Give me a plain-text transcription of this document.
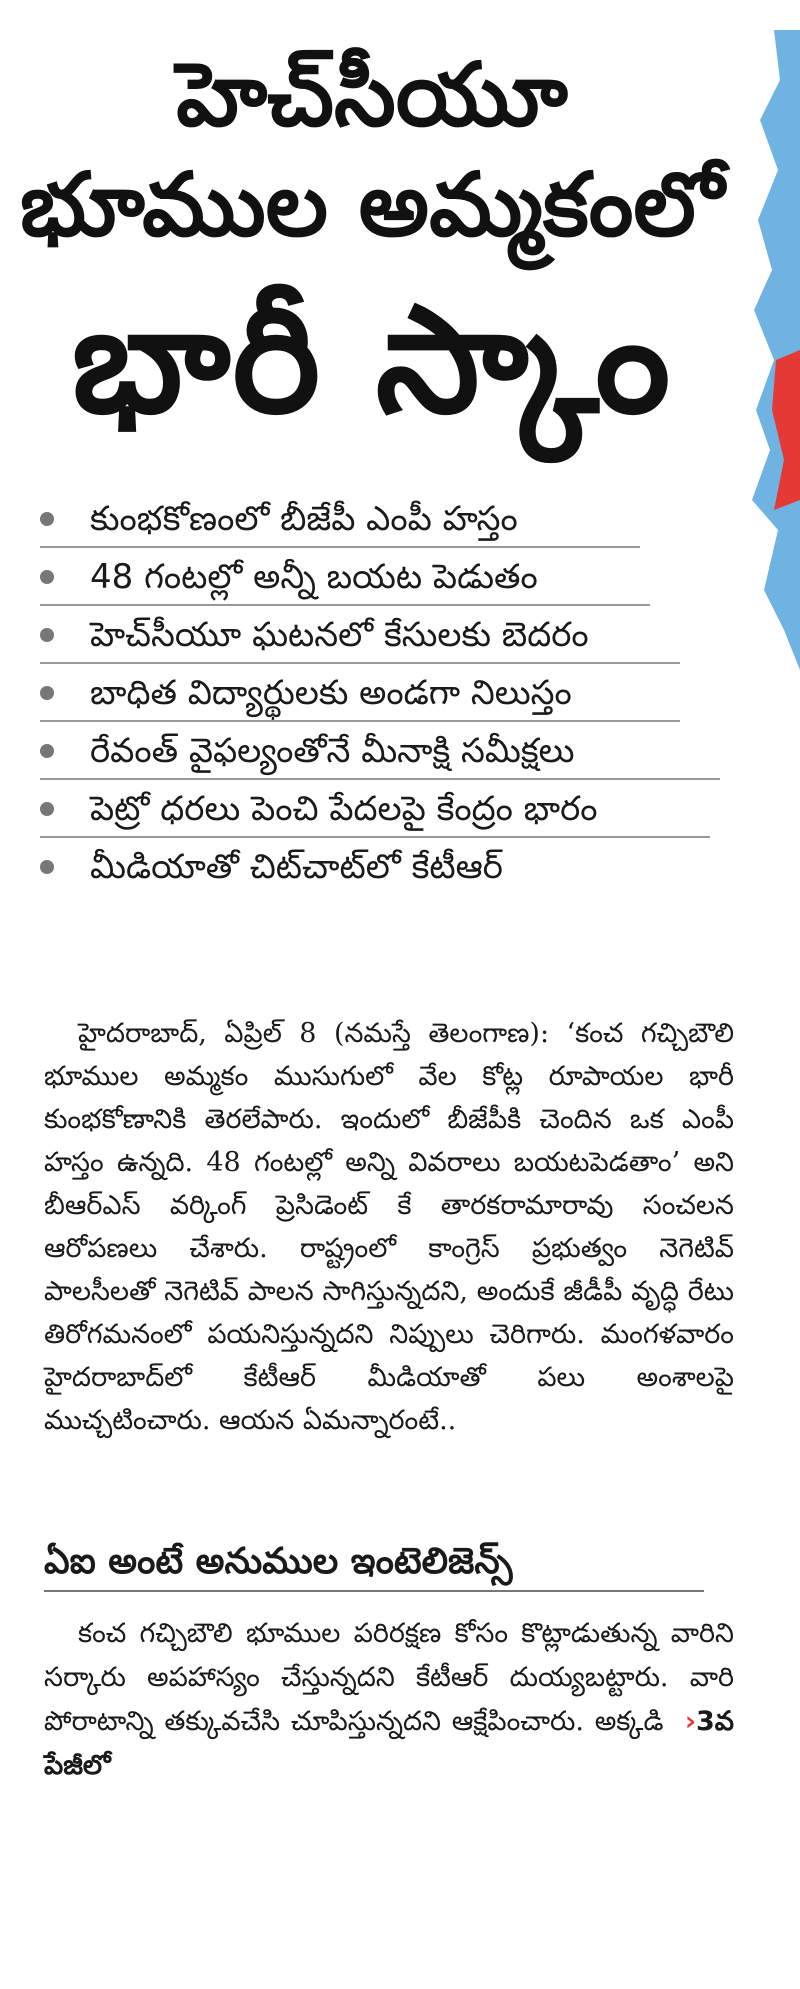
హెచ్‌సీయూ
భూముల అమ్మకంలో
భారీ స్కాం
కుంభకోణంలో బీజేపీ ఎంపీ హస్తం
48 గంటల్లో అన్నీ బయట పెడుతం
హెచ్‌సీయూ ఘటనలో కేసులకు బెదరం
బాధిత విద్యార్థులకు అండగా నిలుస్తం
రేవంత్ వైఫల్యంతోనే మీనాక్షి సమీక్షలు
పెట్రో ధరలు పెంచి పేదలపై కేంద్రం భారం
మీడియాతో చిట్‌చాట్‌లో కేటీఆర్
హైదరాబాద్, ఏప్రిల్ 8 (నమస్తే తెలంగాణ): ‘కంచ గచ్చిబౌలి భూముల అమ్మకం ముసుగులో వేల కోట్ల రూపాయల భారీ కుంభకోణానికి తెరలేపారు. ఇందులో బీజేపీకి చెందిన ఒక ఎంపీ హస్తం ఉన్నది. 48 గంటల్లో అన్ని వివరాలు బయటపెడతాం’ అని బీఆర్‌ఎస్ వర్కింగ్ ప్రెసిడెంట్ కే తారకరామారావు సంచలన ఆరోపణలు చేశారు. రాష్ట్రంలో కాంగ్రెస్ ప్రభుత్వం నెగెటివ్ పాలసీలతో నెగెటివ్ పాలన సాగిస్తున్నదని, అందుకే జీడీపీ వృద్ధి రేటు తిరోగమనంలో పయనిస్తున్నదని నిప్పులు చెరిగారు. మంగళవారం హైదరాబాద్‌లో కేటీఆర్ మీడియాతో పలు అంశాలపై ముచ్చటించారు. ఆయన ఏమన్నారంటే..
ఏఐ అంటే అనుముల ఇంటెలిజెన్స్
కంచ గచ్చిబౌలి భూముల పరిరక్షణ కోసం కొట్లాడుతున్న వారిని సర్కారు అపహాస్యం చేస్తున్నదని కేటీఆర్ దుయ్యబట్టారు. వారి పోరాటాన్ని తక్కువచేసి చూపిస్తున్నదని ఆక్షేపించారు. అక్కడి ›3వ పేజీలో
